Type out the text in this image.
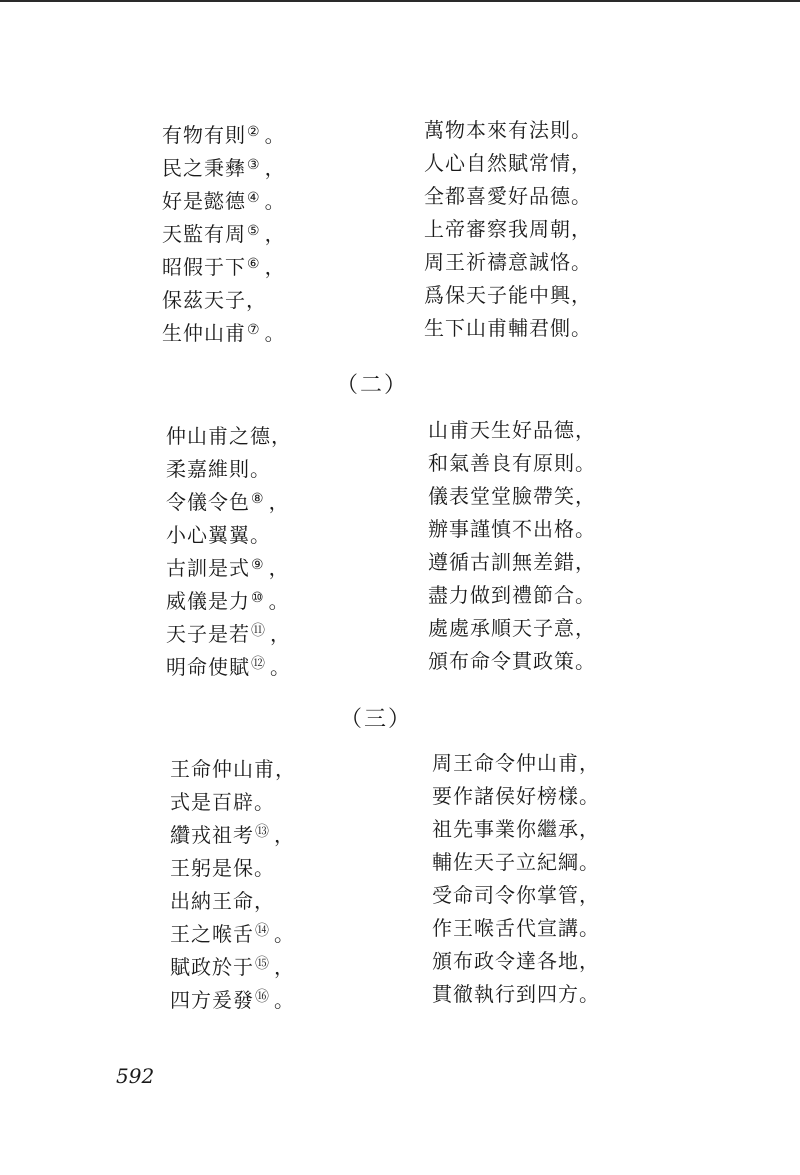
有物有則② 。
民之秉彝③ ，
好是懿德④ 。
天監有周⑤ ，
昭假于下⑥ ，
保茲天子，
生仲山甫⑦ 。
萬物本來有法則。
人心自然賦常情，
全都喜愛好品德。
上帝審察我周朝，
周王祈禱意誠恪。
爲保天子能中興，
生下山甫輔君側。
（二）
仲山甫之德，
柔嘉維則。
令儀令色⑧ ，
小心翼翼。
古訓是式⑨ ，
威儀是力⑩ 。
天子是若⑪ ，
明命使賦⑫ 。
山甫天生好品德，
和氣善良有原則。
儀表堂堂臉帶笑，
辦事謹慎不出格。
遵循古訓無差錯，
盡力做到禮節合。
處處承順天子意，
頒布命令貫政策。
（三）
王命仲山甫，
式是百辟。
纘戎祖考⑬ ，
王躬是保。
出納王命，
王之喉舌⑭ 。
賦政於于⑮ ，
四方爰發⑯ 。
周王命令仲山甫，
要作諸侯好榜樣。
祖先事業你繼承，
輔佐天子立紀綱。
受命司令你掌管，
作王喉舌代宣講。
頒布政令達各地，
貫徹執行到四方。
592
